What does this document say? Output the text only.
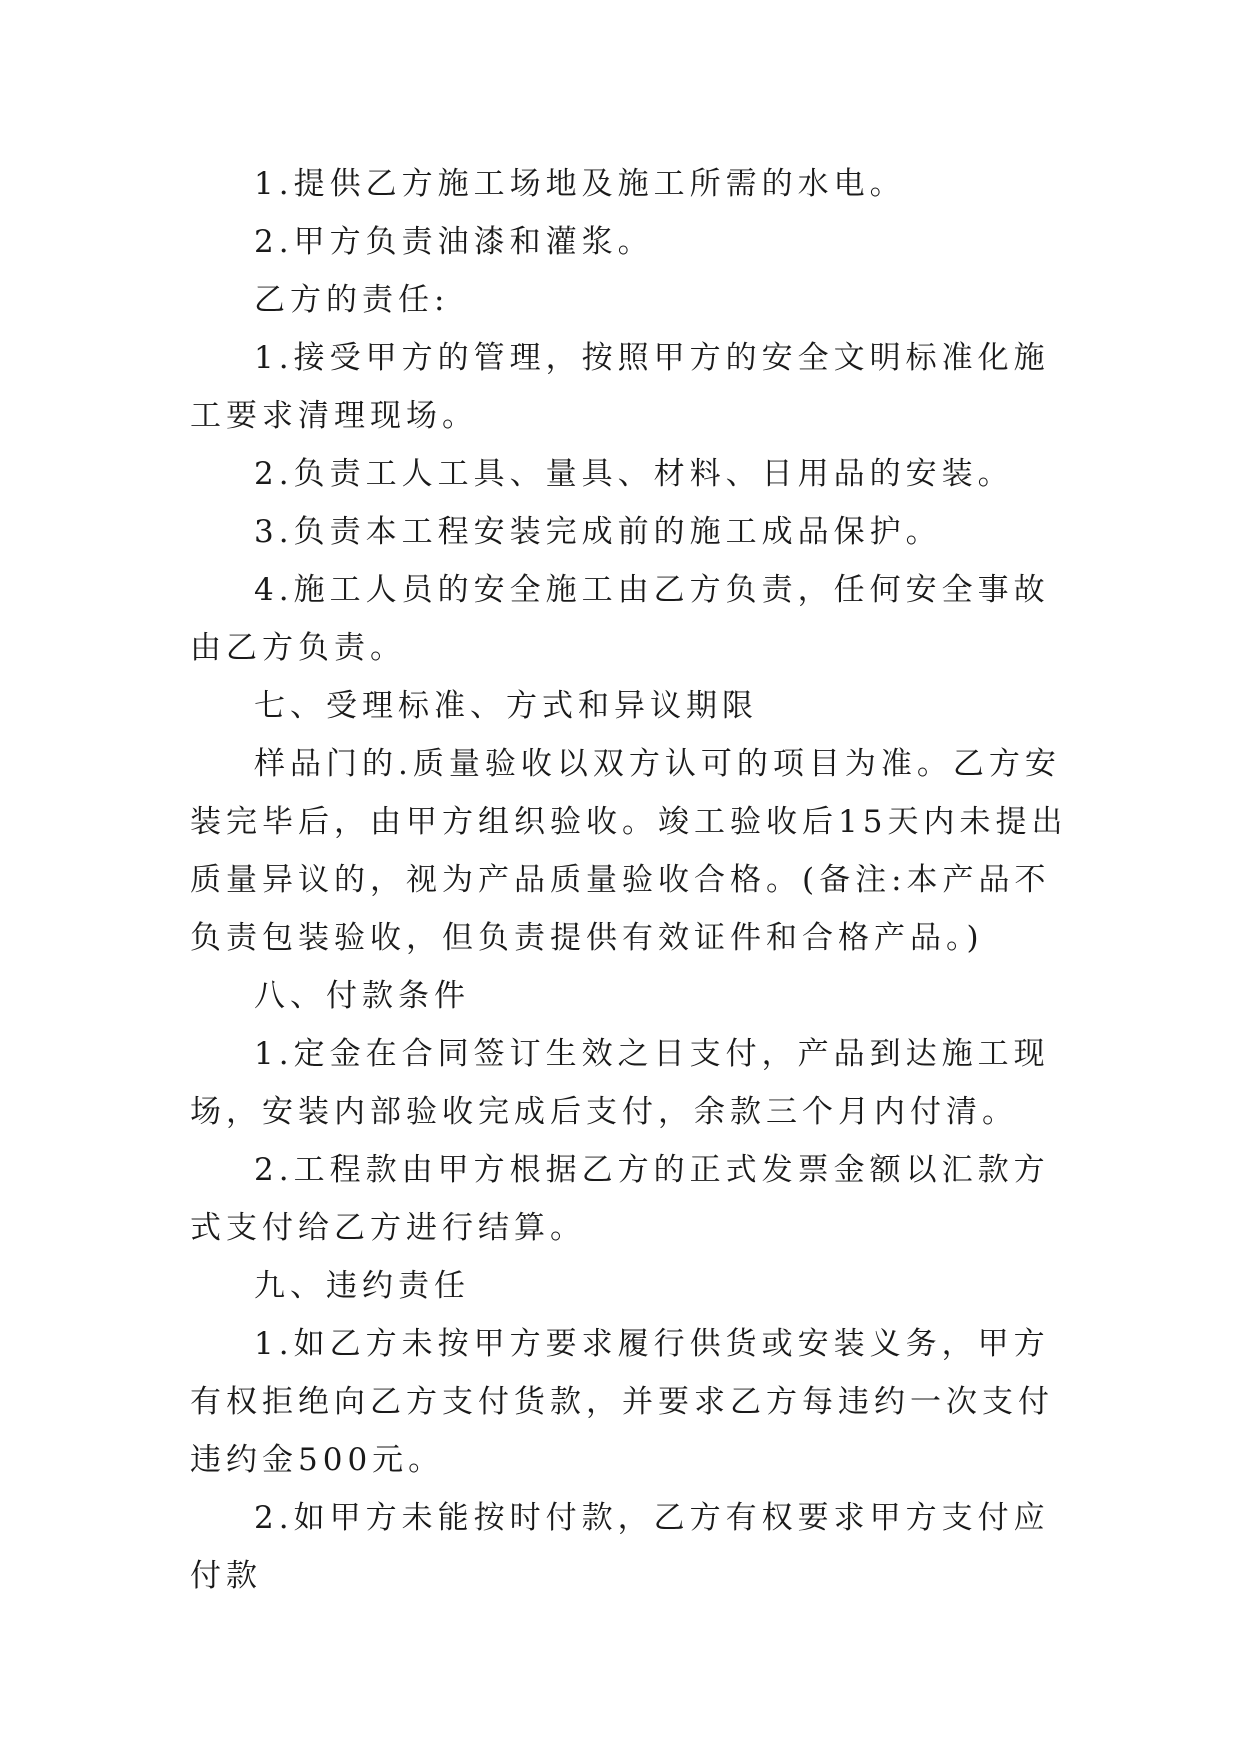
1.提供乙方施工场地及施工所需的水电。

2.甲方负责油漆和灌浆。

乙方的责任:

1.接受甲方的管理，按照甲方的安全文明标准化施工要求清理现场。

2.负责工人工具、量具、材料、日用品的安装。

3.负责本工程安装完成前的施工成品保护。

4.施工人员的安全施工由乙方负责，任何安全事故由乙方负责。

七、受理标准、方式和异议期限

样品门的.质量验收以双方认可的项目为准。乙方安装完毕后，由甲方组织验收。竣工验收后15天内未提出质量异议的，视为产品质量验收合格。(备注:本产品不负责包装验收，但负责提供有效证件和合格产品。)

八、付款条件

1.定金在合同签订生效之日支付，产品到达施工现场，安装内部验收完成后支付，余款三个月内付清。

2.工程款由甲方根据乙方的正式发票金额以汇款方式支付给乙方进行结算。

九、违约责任

1.如乙方未按甲方要求履行供货或安装义务，甲方有权拒绝向乙方支付货款，并要求乙方每违约一次支付违约金500元。

2.如甲方未能按时付款，乙方有权要求甲方支付应付款
